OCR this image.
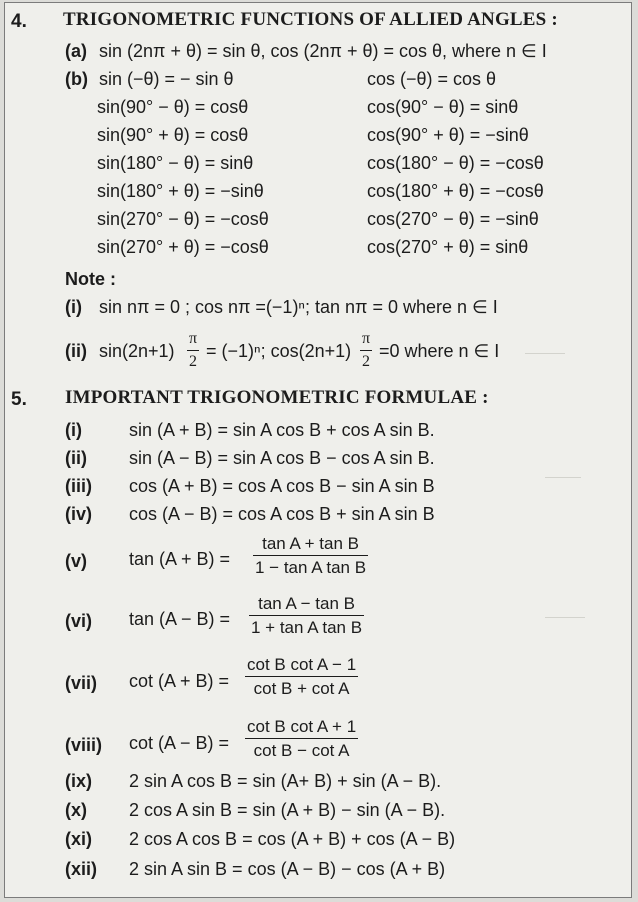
4. TRIGONOMETRIC FUNCTIONS OF ALLIED ANGLES :
(a) sin (2nπ + θ) = sin θ, cos (2nπ + θ) = cos θ, where n ∈ I
(b) sin (−θ) = − sin θ
sin(90° − θ) = cosθ
sin(90° + θ) = cosθ
sin(180° − θ) = sinθ
sin(180° + θ) = −sinθ
sin(270° − θ) = −cosθ
sin(270° + θ) = −cosθ
cos (−θ) = cos θ
cos(90° − θ) = sinθ
cos(90° + θ) = −sinθ
cos(180° − θ) = −cosθ
cos(180° + θ) = −cosθ
cos(270° − θ) = −sinθ
cos(270° + θ) = sinθ
Note :
(i) sin nπ = 0 ; cos nπ =(−1)ⁿ; tan nπ = 0 where n ∈ I
(ii) sin(2n+1)
π
2
= (−1)ⁿ; cos(2n+1)
π
2
=0 where n ∈ I
5. IMPORTANT TRIGONOMETRIC FORMULAE :
(i)	sin (A + B) = sin A cos B + cos A sin B.
(ii) sin (A − B) = sin A cos B − cos A sin B.
(iii) cos (A + B) = cos A cos B − sin A sin B
(iv) cos (A − B) = cos A cos B + sin A sin B
(v) tan (A + B) =
tan A + tan B
1 − tan A tan B
(vi) tan (A − B) =
tan A − tan B
1 + tan A tan B
(vii) cot (A + B) =
cot B cot A − 1
cot B + cot A
(viii) cot (A − B) =
cot B cot A + 1
cot B − cot A
(ix) 2 sin A cos B = sin (A+ B) + sin (A − B).
(x) 2 cos A sin B = sin (A + B) − sin (A − B).
(xi) 2 cos A cos B = cos (A + B) + cos (A − B)
(xii) 2 sin A sin B = cos (A − B) − cos (A + B)
